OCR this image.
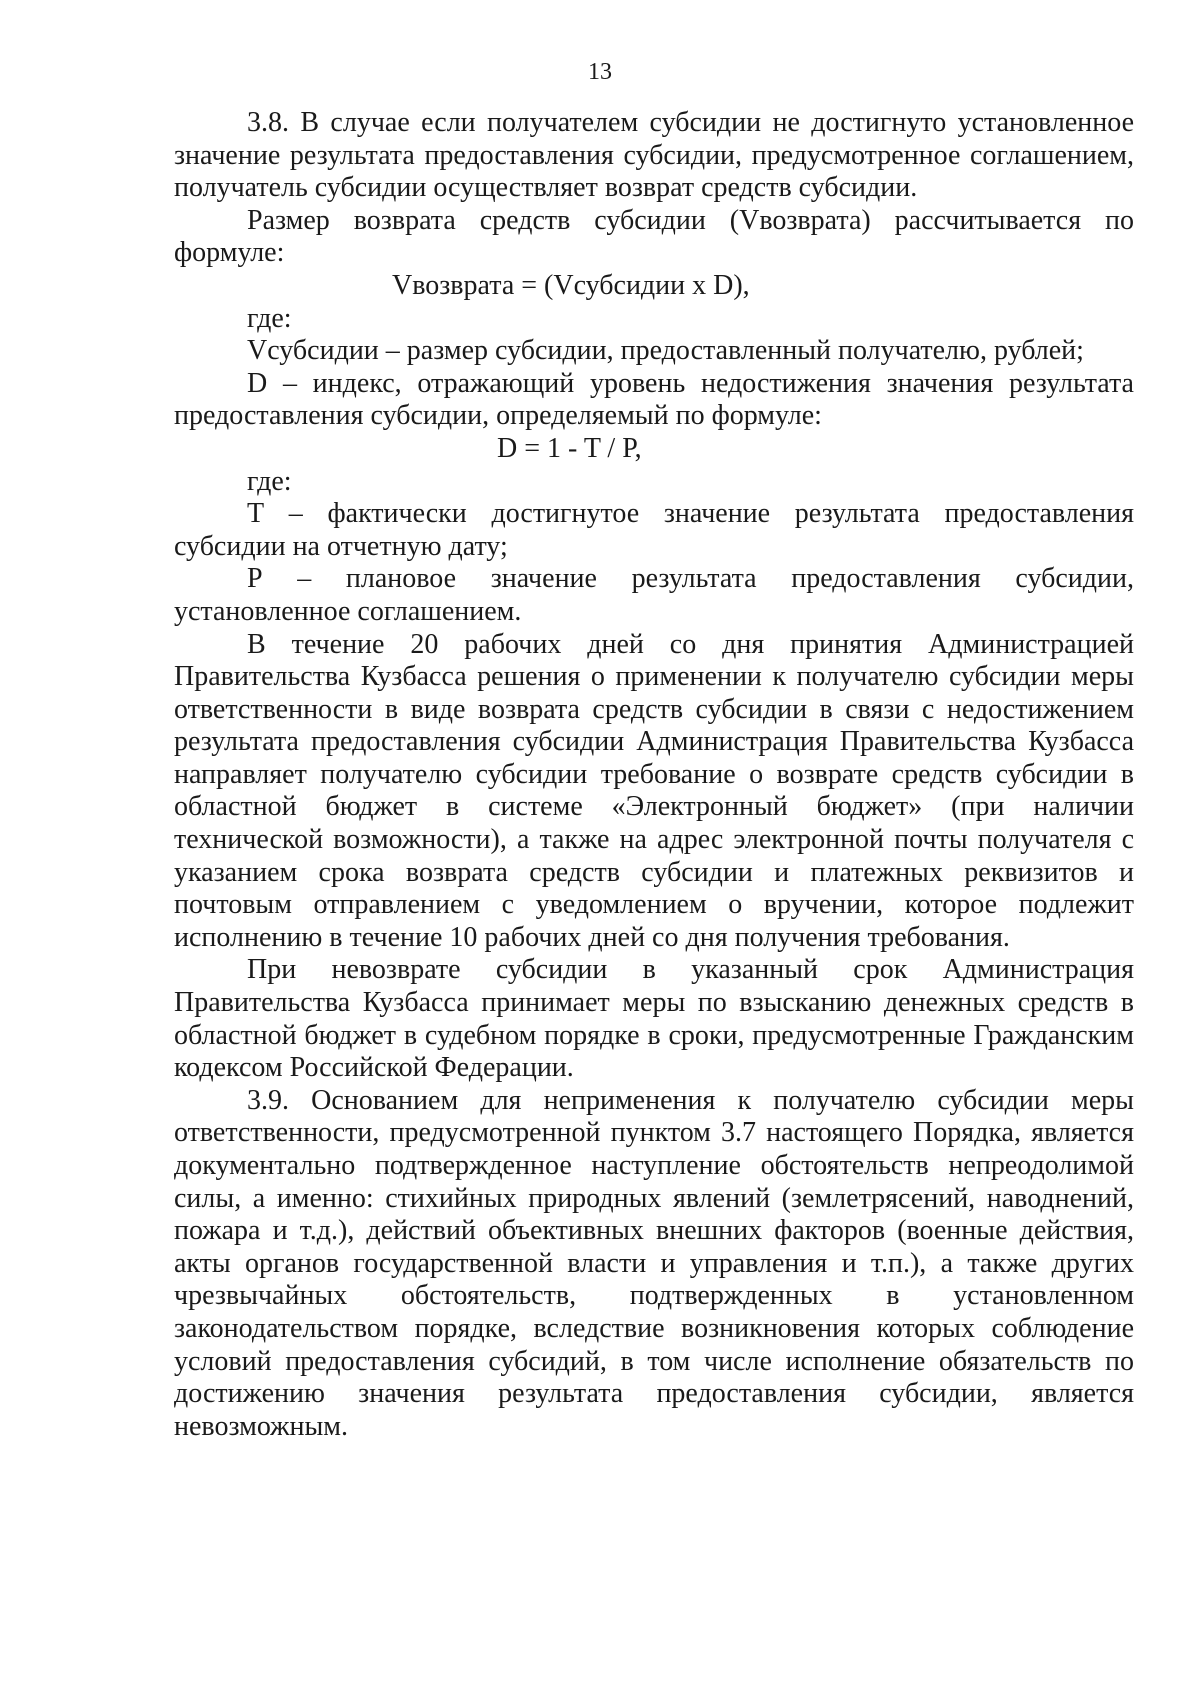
13

3.8. В случае если получателем субсидии не достигнуто установленное значение результата предоставления субсидии, предусмотренное соглашением, получатель субсидии осуществляет возврат средств субсидии.

Размер возврата средств субсидии (Vвозврата) рассчитывается по формуле:

Vвозврата = (Vсубсидии x D),

где:

Vсубсидии – размер субсидии, предоставленный получателю, рублей;

D – индекс, отражающий уровень недостижения значения результата предоставления субсидии, определяемый по формуле:

D = 1 - T / P,

где:

Т – фактически достигнутое значение результата предоставления субсидии на отчетную дату;

Р – плановое значение результата предоставления субсидии, установленное соглашением.

В течение 20 рабочих дней со дня принятия Администрацией Правительства Кузбасса решения о применении к получателю субсидии меры ответственности в виде возврата средств субсидии в связи с недостижением результата предоставления субсидии Администрация Правительства Кузбасса направляет получателю субсидии требование о возврате средств субсидии в областной бюджет в системе «Электронный бюджет» (при наличии технической возможности), а также на адрес электронной почты получателя с указанием срока возврата средств субсидии и платежных реквизитов и почтовым отправлением с уведомлением о вручении, которое подлежит исполнению в течение 10 рабочих дней со дня получения требования.

При невозврате субсидии в указанный срок Администрация Правительства Кузбасса принимает меры по взысканию денежных средств в областной бюджет в судебном порядке в сроки, предусмотренные Гражданским кодексом Российской Федерации.

3.9. Основанием для неприменения к получателю субсидии меры ответственности, предусмотренной пунктом 3.7 настоящего Порядка, является документально подтвержденное наступление обстоятельств непреодолимой силы, а именно: стихийных природных явлений (землетрясений, наводнений, пожара и т.д.), действий объективных внешних факторов (военные действия, акты органов государственной власти и управления и т.п.), а также других чрезвычайных обстоятельств, подтвержденных в установленном законодательством порядке, вследствие возникновения которых соблюдение условий предоставления субсидий, в том числе исполнение обязательств по достижению значения результата предоставления субсидии, является невозможным.
